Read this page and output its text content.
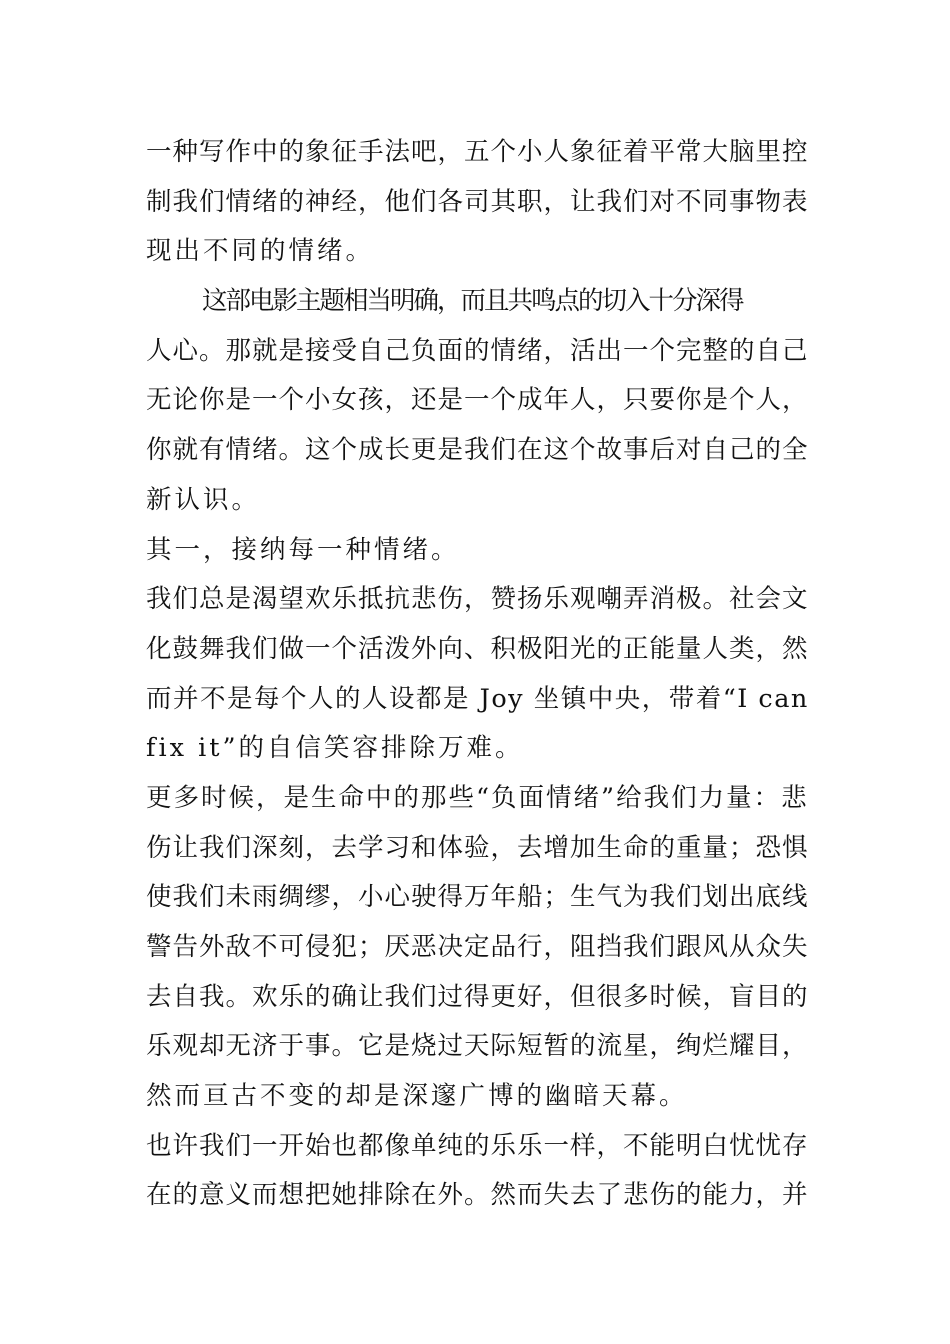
一种写作中的象征手法吧，五个小人象征着平常大脑里控
制我们情绪的神经，他们各司其职，让我们对不同事物表
现出不同的情绪。
这部电影主题相当明确，而且共鸣点的切入十分深得
人心。那就是接受自己负面的情绪，活出一个完整的自己
无论你是一个小女孩，还是一个成年人，只要你是个人，
你就有情绪。这个成长更是我们在这个故事后对自己的全
新认识。
其一，接纳每一种情绪。
我们总是渴望欢乐抵抗悲伤，赞扬乐观嘲弄消极。社会文
化鼓舞我们做一个活泼外向、积极阳光的正能量人类，然
而并不是每个人的人设都是 Joy 坐镇中央，带着“I can
fix it”的自信笑容排除万难。
更多时候，是生命中的那些“负面情绪”给我们力量：悲
伤让我们深刻，去学习和体验，去增加生命的重量；恐惧
使我们未雨绸缪，小心驶得万年船；生气为我们划出底线
警告外敌不可侵犯；厌恶决定品行，阻挡我们跟风从众失
去自我。欢乐的确让我们过得更好，但很多时候，盲目的
乐观却无济于事。它是烧过天际短暂的流星，绚烂耀目，
然而亘古不变的却是深邃广博的幽暗天幕。
也许我们一开始也都像单纯的乐乐一样，不能明白忧忧存
在的意义而想把她排除在外。然而失去了悲伤的能力，并
